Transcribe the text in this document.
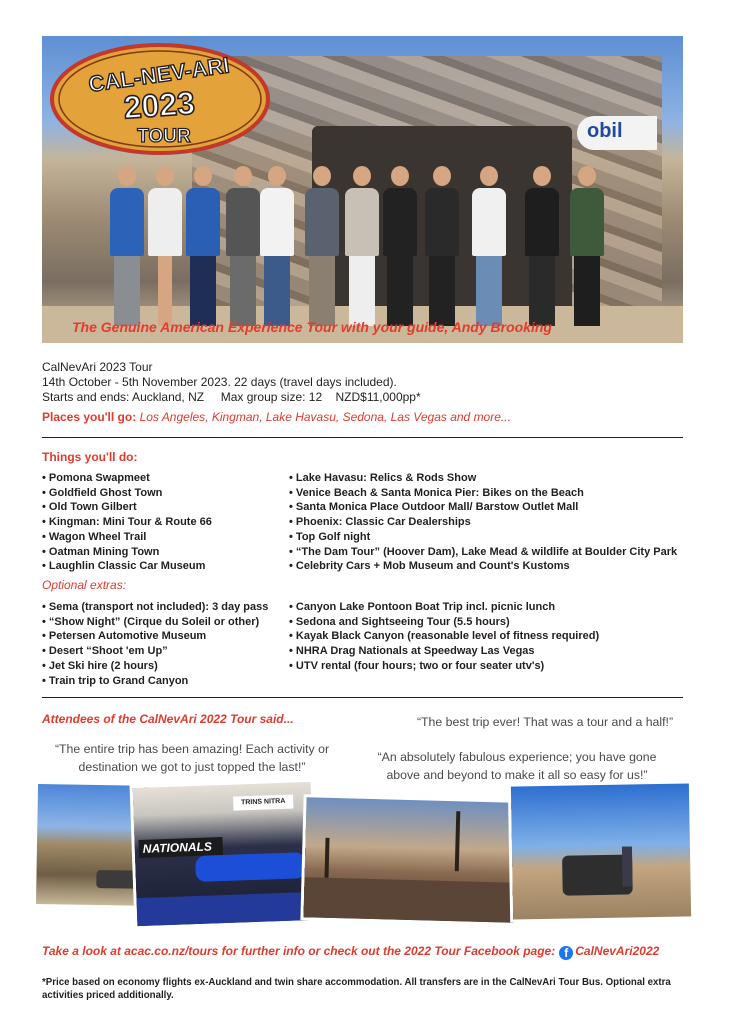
obil
CAL-NEV-ARI
2023
TOUR
The Genuine American Experience Tour with your guide, Andy Brooking
CalNevAri 2023 Tour
14th October - 5th November 2023. 22 days (travel days included).
Starts and ends: Auckland, NZ     Max group size: 12    NZD$11,000pp*
Places you'll go: Los Angeles, Kingman, Lake Havasu, Sedona, Las Vegas and more...
Things you'll do:
• Pomona Swapmeet
• Goldfield Ghost Town
• Old Town Gilbert
• Kingman: Mini Tour & Route 66
• Wagon Wheel Trail
• Oatman Mining Town
• Laughlin Classic Car Museum
• Lake Havasu: Relics & Rods Show
• Venice Beach & Santa Monica Pier: Bikes on the Beach
• Santa Monica Place Outdoor Mall/ Barstow Outlet Mall
• Phoenix: Classic Car Dealerships
• Top Golf night
• “The Dam Tour” (Hoover Dam), Lake Mead & wildlife at Boulder City Park
• Celebrity Cars + Mob Museum and Count's Kustoms
Optional extras:
• Sema (transport not included): 3 day pass
• “Show Night” (Cirque du Soleil or other)
• Petersen Automotive Museum
• Desert “Shoot 'em Up”
• Jet Ski hire (2 hours)
• Train trip to Grand Canyon
• Canyon Lake Pontoon Boat Trip incl. picnic lunch
• Sedona and Sightseeing Tour (5.5 hours)
• Kayak Black Canyon (reasonable level of fitness required)
• NHRA Drag Nationals at Speedway Las Vegas
• UTV rental (four hours; two or four seater utv's)
Attendees of the CalNevAri 2022 Tour said...	“The best trip ever! That was a tour and a half!”
“The entire trip has been amazing! Each activity or
destination we got to just topped the last!”
“An absolutely fabulous experience; you have gone
above and beyond to make it all so easy for us!”
NATIONALS
TRINS NITRA
Take a look at acac.co.nz/tours for further info or check out the 2022 Tour Facebook page: f CalNevAri2022
*Price based on economy flights ex-Auckland and twin share accommodation. All transfers are in the CalNevAri Tour Bus. Optional extra activities priced additionally.
